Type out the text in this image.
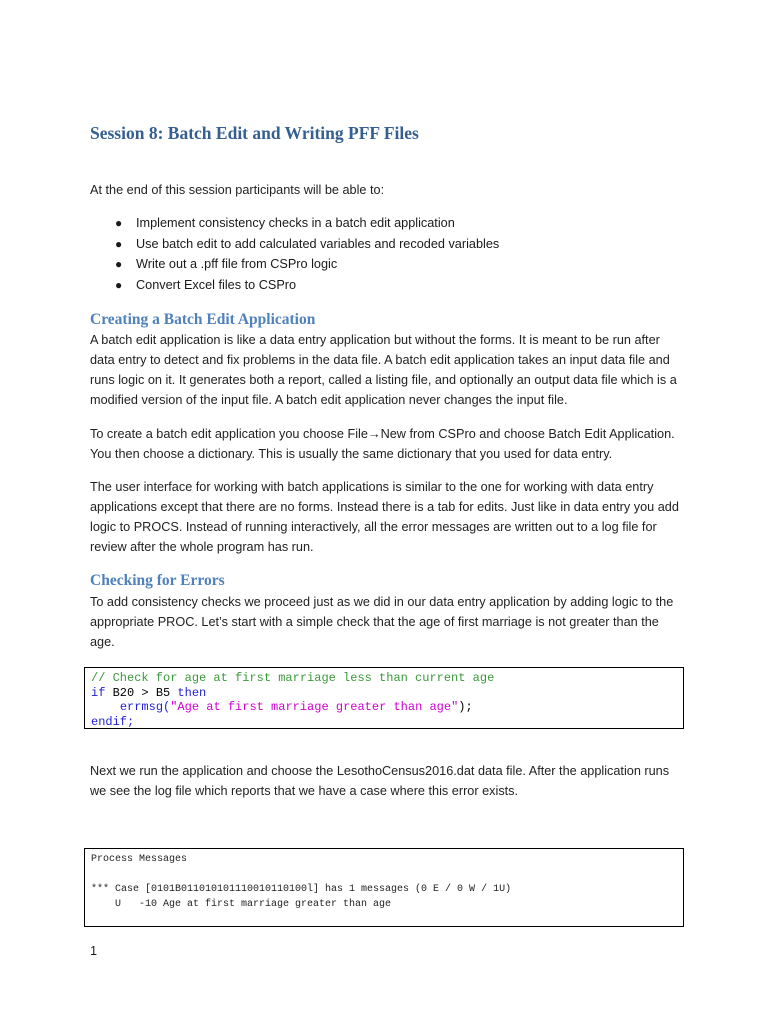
Session 8: Batch Edit and Writing PFF Files

At the end of this session participants will be able to:

● Implement consistency checks in a batch edit application
● Use batch edit to add calculated variables and recoded variables
● Write out a .pff file from CSPro logic
● Convert Excel files to CSPro
Creating a Batch Edit Application

A batch edit application is like a data entry application but without the forms. It is meant to be run after data entry to detect and fix problems in the data file. A batch edit application takes an input data file and runs logic on it. It generates both a report, called a listing file, and optionally an output data file which is a modified version of the input file. A batch edit application never changes the input file.

To create a batch edit application you choose File→New from CSPro and choose Batch Edit Application. You then choose a dictionary. This is usually the same dictionary that you used for data entry.

The user interface for working with batch applications is similar to the one for working with data entry applications except that there are no forms. Instead there is a tab for edits. Just like in data entry you add logic to PROCS. Instead of running interactively, all the error messages are written out to a log file for review after the whole program has run.

Checking for Errors

To add consistency checks we proceed just as we did in our data entry application by adding logic to the appropriate PROC. Let’s start with a simple check that the age of first marriage is not greater than the age.

// Check for age at first marriage less than current age
if B20 > B5 then
errmsg("Age at first marriage greater than age");
endif;

Next we run the application and choose the LesothoCensus2016.dat data file. After the application runs we see the log file which reports that we have a case where this error exists.

Process Messages

*** Case [0101B011010101110010110100l] has 1 messages (0 E / 0 W / 1U)
U   -10 Age at first marriage greater than age

1
